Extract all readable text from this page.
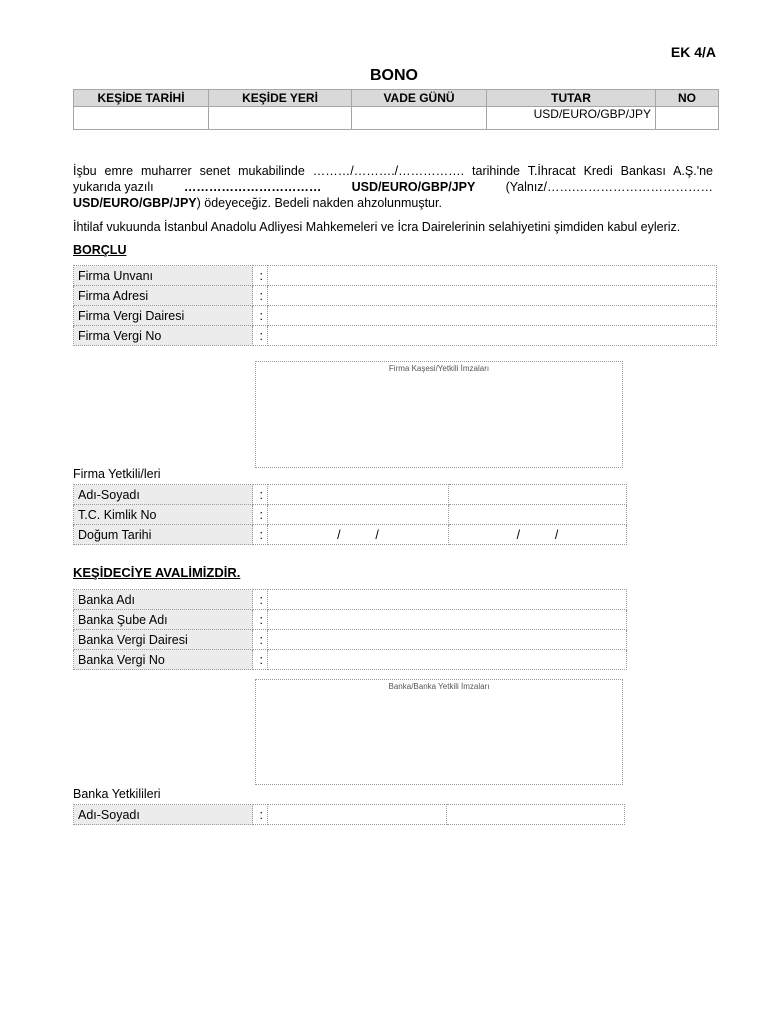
EK 4/A
BONO
KEŞİDE TARİHİ	KEŞİDE YERİ	VADE GÜNÜ	TUTAR	NO
			USD/EURO/GBP/JPY	
İşbu emre muharrer senet mukabilinde ………/………./……………. tarihinde T.İhracat Kredi Bankası A.Ş.'ne
yukarıda yazılı …………………………… USD/EURO/GBP/JPY (Yalnız/…….……………………………
USD/EURO/GBP/JPY) ödeyeceğiz. Bedeli nakden ahzolunmuştur.
İhtilaf vukuunda İstanbul Anadolu Adliyesi Mahkemeleri ve İcra Dairelerinin selahiyetini şimdiden kabul eyleriz.
BORÇLU
Firma Unvanı	:	
Firma Adresi	:	
Firma Vergi Dairesi	:	
Firma Vergi No	:	
Firma Kaşesi/Yetkili İmzaları
Firma Yetkili/leri
Adı-Soyadı	:		
T.C. Kimlik No	:		
Doğum Tarihi	:	/          /	/          /
KEŞİDECİYE AVALİMİZDİR.
Banka Adı	:	
Banka Şube Adı	:	
Banka Vergi Dairesi	:	
Banka Vergi No	:	
Banka/Banka Yetkili İmzaları
Banka Yetkilileri
Adı-Soyadı	:		
